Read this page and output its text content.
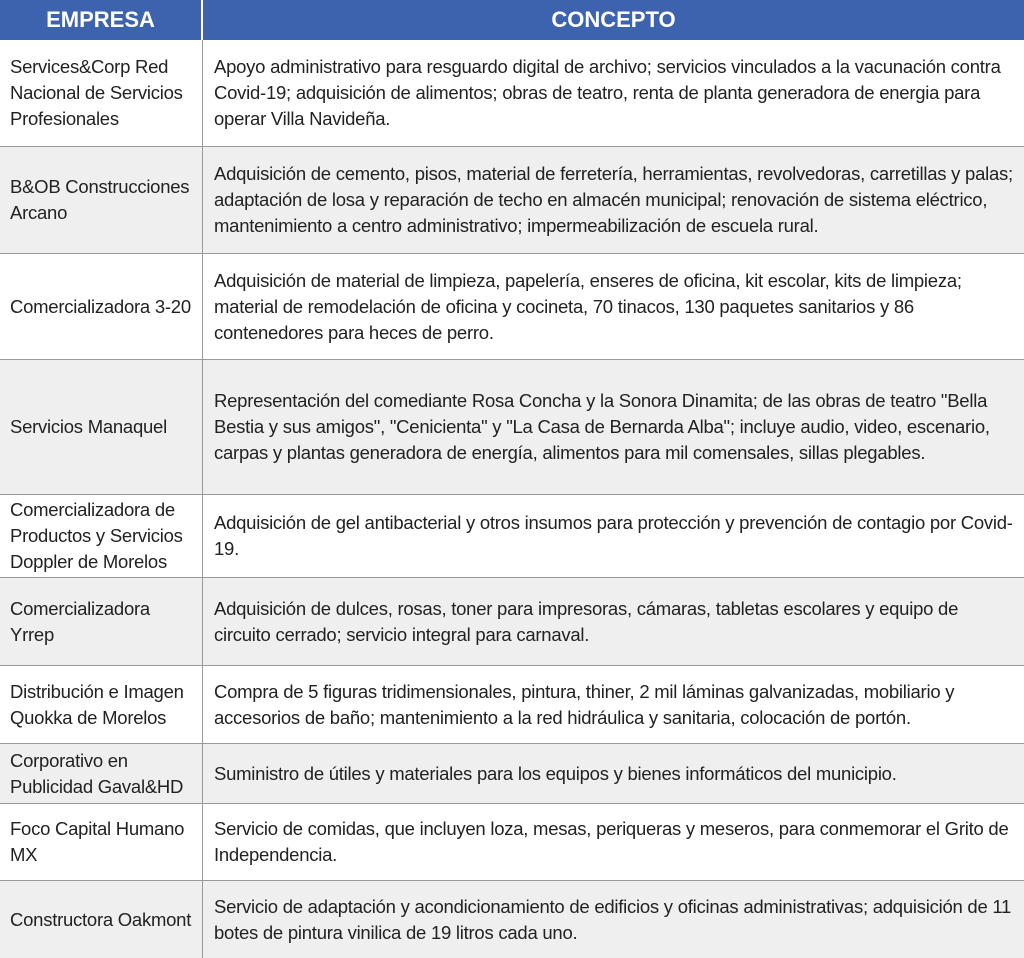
EMPRESA	CONCEPTO
Services&Corp Red Nacional de Servicios Profesionales
Apoyo administrativo para resguardo digital de archivo; servicios vinculados a la vacunación contra Covid-19; adquisición de alimentos; obras de teatro, renta de planta generadora de energia para operar Villa Navideña.
B&OB Construcciones Arcano
Adquisición de cemento, pisos, material de ferretería, herramientas, revolvedoras, carretillas y palas; adaptación de losa y reparación de techo en almacén municipal; renovación de sistema eléctrico, mantenimiento a centro administrativo; impermeabilización de escuela rural.
Comercializadora 3-20
Adquisición de material de limpieza, papelería, enseres de oficina, kit escolar, kits de limpieza; material de remodelación de oficina y cocineta, 70 tinacos, 130 paquetes sanitarios y 86 contenedores para heces de perro.
Servicios Manaquel
Representación del comediante Rosa Concha y la Sonora Dinamita; de las obras de teatro "Bella Bestia y sus amigos", "Cenicienta" y "La Casa de Bernarda Alba"; incluye audio, video, escenario, carpas y plantas generadora de energía, alimentos para mil comensales, sillas plegables.
Comercializadora de Productos y Servicios Doppler de Morelos
Adquisición de gel antibacterial y otros insumos para protección y prevención de contagio por Covid-19.
Comercializadora Yrrep
Adquisición de dulces, rosas, toner para impresoras, cámaras, tabletas escolares y equipo de circuito cerrado; servicio integral para carnaval.
Distribución e Imagen Quokka de Morelos
Compra de 5 figuras tridimensionales, pintura, thiner, 2 mil láminas galvanizadas, mobiliario y accesorios de baño; mantenimiento a la red hidráulica y sanitaria, colocación de portón.
Corporativo en Publicidad Gaval&HD
Suministro de útiles y materiales para los equipos y bienes informáticos del municipio.
Foco Capital Humano MX
Servicio de comidas, que incluyen loza, mesas, periqueras y meseros, para conmemorar el Grito de Independencia.
Constructora Oakmont
Servicio de adaptación y acondicionamiento de edificios y oficinas administrativas; adquisición de 11 botes de pintura vinilica de 19 litros cada uno.
